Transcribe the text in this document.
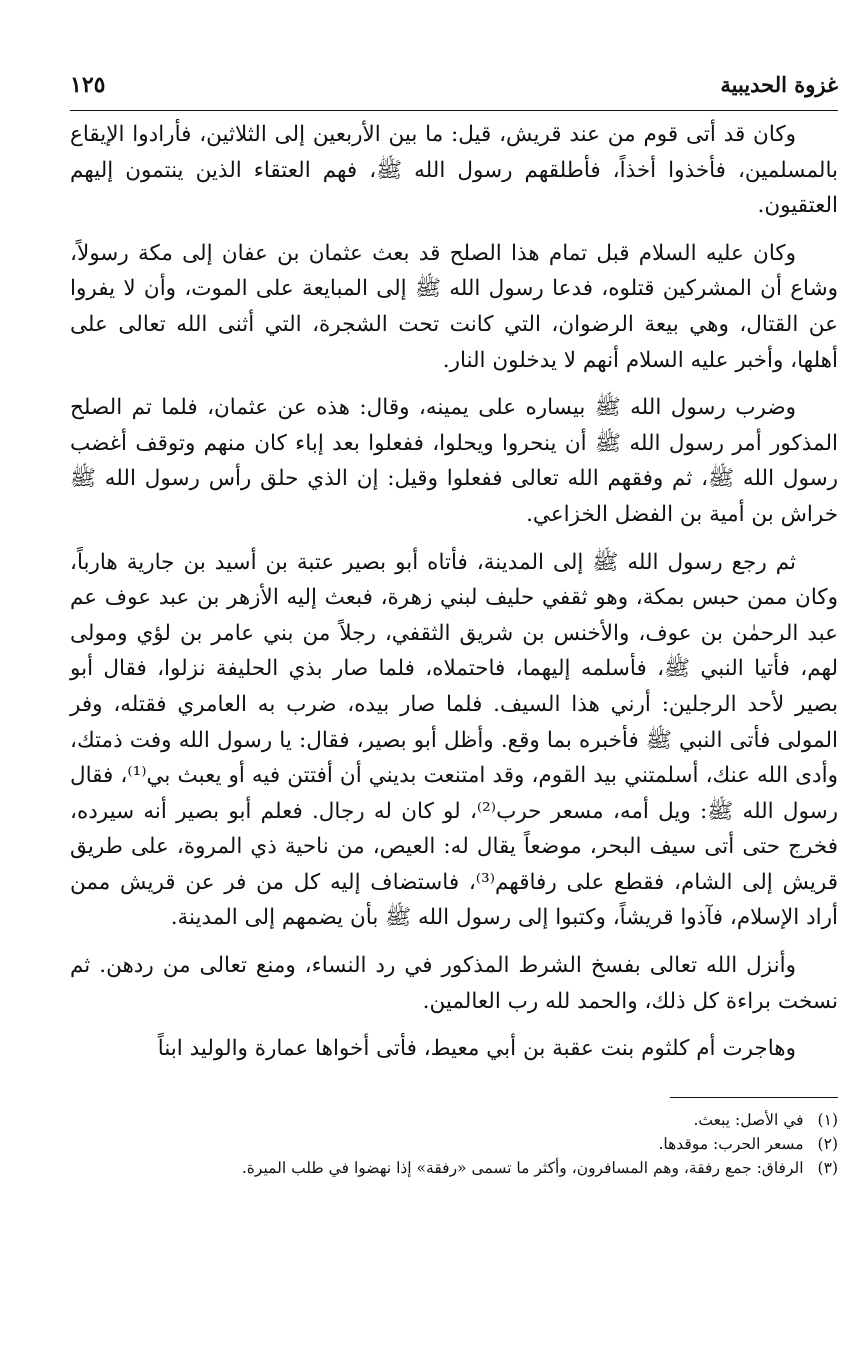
غزوة الحديبية
١٢٥

وكان قد أتى قوم من عند قريش، قيل: ما بين الأربعين إلى الثلاثين، فأرادوا الإيقاع بالمسلمين، فأخذوا أخذاً، فأطلقهم رسول الله ﷺ، فهم العتقاء الذين ينتمون إليهم العتقيون.

وكان عليه السلام قبل تمام هذا الصلح قد بعث عثمان بن عفان إلى مكة رسولاً، وشاع أن المشركين قتلوه، فدعا رسول الله ﷺ إلى المبايعة على الموت، وأن لا يفروا عن القتال، وهي بيعة الرضوان، التي كانت تحت الشجرة، التي أثنى الله تعالى على أهلها، وأخبر عليه السلام أنهم لا يدخلون النار.

وضرب رسول الله ﷺ بيساره على يمينه، وقال: هذه عن عثمان، فلما تم الصلح المذكور أمر رسول الله ﷺ أن ينحروا ويحلوا، ففعلوا بعد إباء كان منهم وتوقف أغضب رسول الله ﷺ، ثم وفقهم الله تعالى ففعلوا وقيل: إن الذي حلق رأس رسول الله ﷺ خراش بن أمية بن الفضل الخزاعي.

ثم رجع رسول الله ﷺ إلى المدينة، فأتاه أبو بصير عتبة بن أسيد بن جارية هارباً، وكان ممن حبس بمكة، وهو ثقفي حليف لبني زهرة، فبعث إليه الأزهر بن عبد عوف عم عبد الرحمٰن بن عوف، والأخنس بن شريق الثقفي، رجلاً من بني عامر بن لؤي ومولى لهم، فأتيا النبي ﷺ، فأسلمه إليهما، فاحتملاه، فلما صار بذي الحليفة نزلوا، فقال أبو بصير لأحد الرجلين: أرني هذا السيف. فلما صار بيده، ضرب به العامري فقتله، وفر المولى فأتى النبي ﷺ فأخبره بما وقع. وأظل أبو بصير، فقال: يا رسول الله وفت ذمتك، وأدى الله عنك، أسلمتني بيد القوم، وقد امتنعت بديني أن أفتتن فيه أو يعبث بي⁽¹⁾، فقال رسول الله ﷺ: ويل أمه، مسعر حرب⁽²⁾، لو كان له رجال. فعلم أبو بصير أنه سيرده، فخرج حتى أتى سيف البحر، موضعاً يقال له: العيص، من ناحية ذي المروة، على طريق قريش إلى الشام، فقطع على رفاقهم⁽³⁾، فاستضاف إليه كل من فر عن قريش ممن أراد الإسلام، فآذوا قريشاً، وكتبوا إلى رسول الله ﷺ بأن يضمهم إلى المدينة.

وأنزل الله تعالى بفسخ الشرط المذكور في رد النساء، ومنع تعالى من ردهن. ثم نسخت براءة كل ذلك، والحمد لله رب العالمين.

وهاجرت أم كلثوم بنت عقبة بن أبي معيط، فأتى أخواها عمارة والوليد ابناً

(١)
في الأصل: يبعث.
(٢)
مسعر الحرب: موقدها.
(٣)
الرفاق: جمع رفقة، وهم المسافرون، وأكثر ما تسمى «رفقة» إذا نهضوا في طلب الميرة.
